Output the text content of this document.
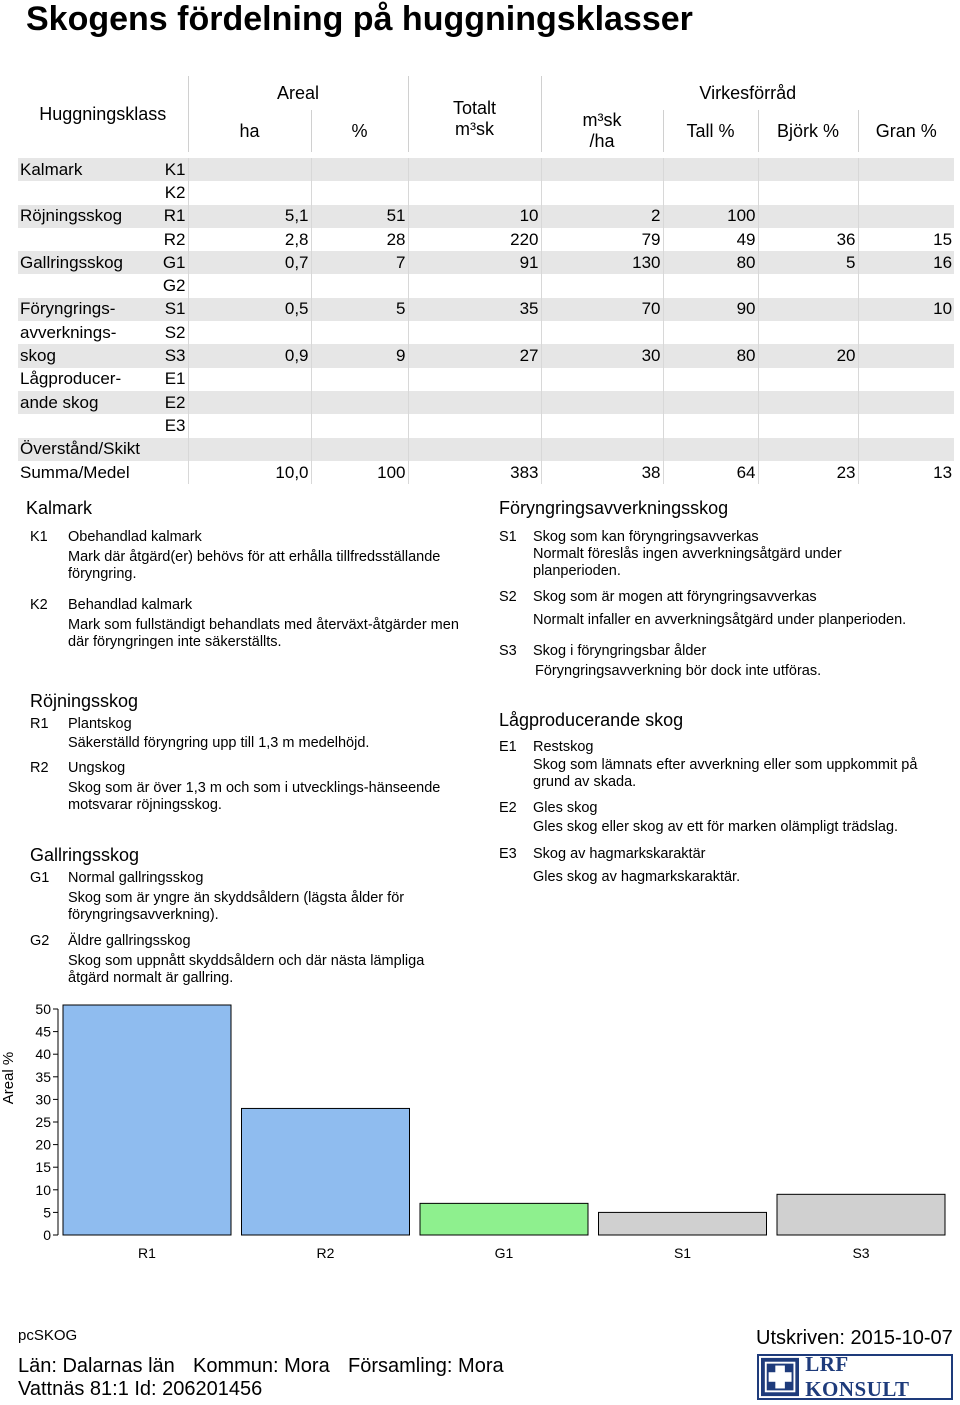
Skogens fördelning på huggningsklasser
Huggningsklass		Areal		Totalt m³sk	Virkesförråd			
		ha	%		m³sk /ha	Tall %	Björk %	Gran %

Kalmark	K1							
	K2							
Röjningsskog	R1	5,1	51	10	2	100		
	R2	2,8	28	220	79	49	36	15
Gallringsskog	G1	0,7	7	91	130	80	5	16
	G2							
Föryngrings-	S1	0,5	5	35	70	90		10
avverknings-	S2							
skog	S3	0,9	9	27	30	80	20	
Lågproducer-	E1							
ande skog	E2							
	E3							
Överstånd/Skikt								
Summa/Medel		10,0	100	383	38	64	23	13
Kalmark
K1 Obehandlad kalmark
Mark där åtgärd(er) behövs för att erhålla tillfredsställande föryngring.
K2 Behandlad kalmark
Mark som fullständigt behandlats med återväxt-åtgärder men där föryngringen inte säkerställts.
Röjningsskog
R1 Plantskog
Säkerställd föryngring upp till 1,3 m medelhöjd.
R2 Ungskog
Skog som är över 1,3 m och som i utvecklings-hänseende motsvarar röjningsskog.
Gallringsskog
G1 Normal gallringsskog
Skog som är yngre än skyddsåldern (lägsta ålder för föryngringsavverkning).
G2 Äldre gallringsskog
Skog som uppnått skyddsåldern och där nästa lämpliga åtgärd normalt är gallring.
Föryngringsavverkningsskog
S1 Skog som kan föryngringsavverkas
Normalt föreslås ingen avverkningsåtgärd under planperioden.
S2 Skog som är mogen att föryngringsavverkas
Normalt infaller en avverkningsåtgärd under planperioden.
S3 Skog i föryngringsbar ålder
Föryngringsavverkning bör dock inte utföras.
Lågproducerande skog
E1 Restskog
Skog som lämnats efter avverkning eller som uppkommit på grund av skada.
E2 Gles skog
Gles skog eller skog av ett för marken olämpligt trädslag.
E3 Skog av hagmarkskaraktär
Gles skog av hagmarkskaraktär.
Areal %
0
5
10
15
20
25
30
35
40
45
50
R1	R2	G1	S1	S3
pcSKOG	Utskriven: 2015-10-07
Län: Dalarnas län Kommun: Mora Församling: Mora
Vattnäs 81:1 Id: 206201456
LRF KONSULT
